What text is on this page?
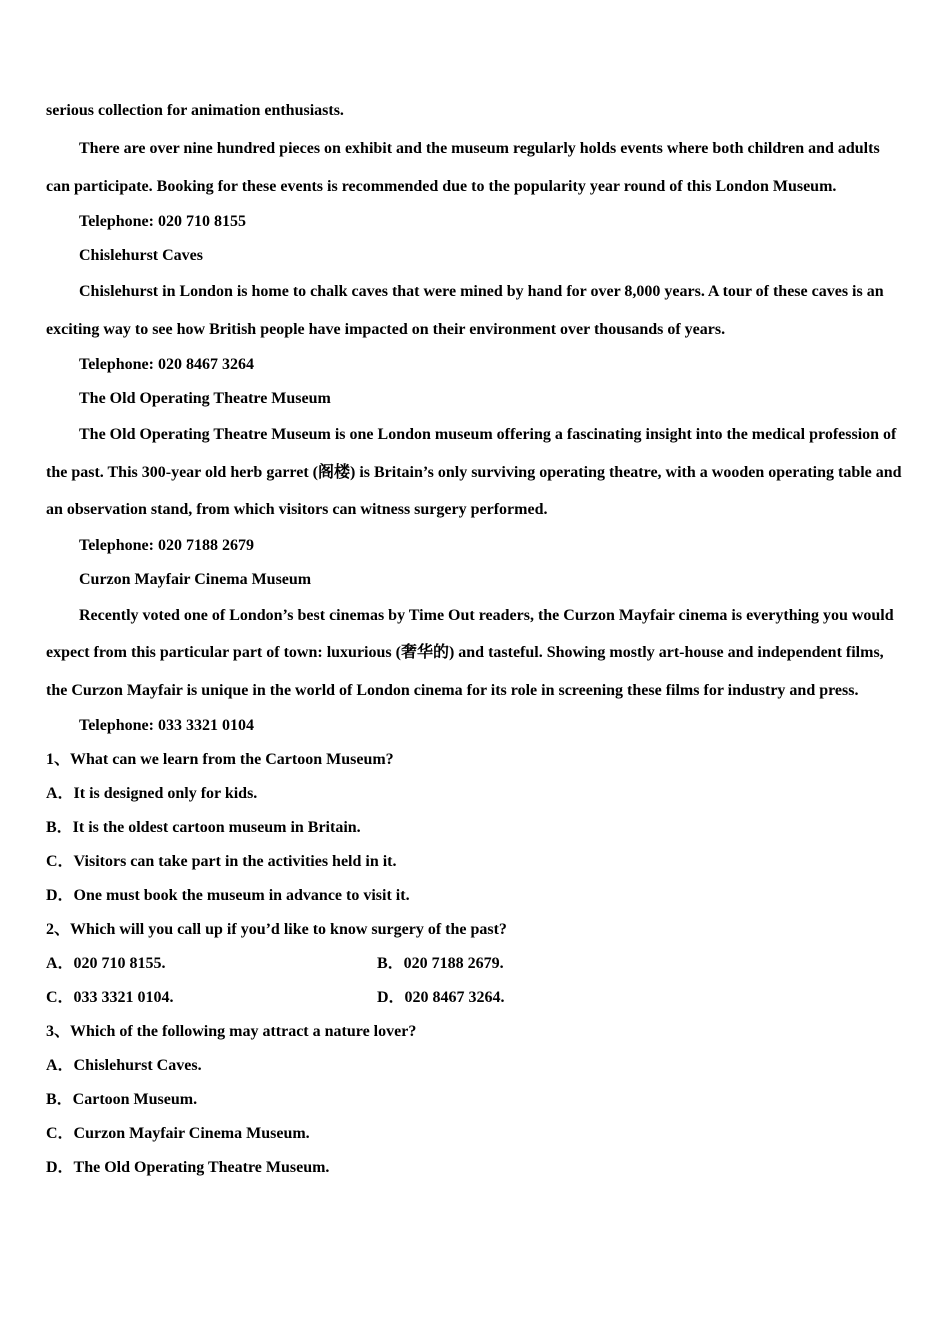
serious collection for animation enthusiasts.

There are over nine hundred pieces on exhibit and the museum regularly holds events where both children and adults can participate. Booking for these events is recommended due to the popularity year round of this London Museum.

Telephone: 020 710 8155
Chislehurst Caves

Chislehurst in London is home to chalk caves that were mined by hand for over 8,000 years. A tour of these caves is an exciting way to see how British people have impacted on their environment over thousands of years.

Telephone: 020 8467 3264
The Old Operating Theatre Museum

The Old Operating Theatre Museum is one London museum offering a fascinating insight into the medical profession of the past. This 300-year old herb garret (阁楼) is Britain’s only surviving operating theatre, with a wooden operating table and an observation stand, from which visitors can witness surgery performed.

Telephone: 020 7188 2679
Curzon Mayfair Cinema Museum

Recently voted one of London’s best cinemas by Time Out readers, the Curzon Mayfair cinema is everything you would expect from this particular part of town: luxurious (奢华的) and tasteful. Showing mostly art-house and independent films, the Curzon Mayfair is unique in the world of London cinema for its role in screening these films for industry and press.

Telephone: 033 3321 0104
1、What can we learn from the Cartoon Museum?
A．It is designed only for kids.
B．It is the oldest cartoon museum in Britain.
C．Visitors can take part in the activities held in it.
D．One must book the museum in advance to visit it.
2、Which will you call up if you’d like to know surgery of the past?
A．020 710 8155.	B．020 7188 2679.
C．033 3321 0104.	D．020 8467 3264.
3、Which of the following may attract a nature lover?
A．Chislehurst Caves.
B．Cartoon Museum.
C．Curzon Mayfair Cinema Museum.
D．The Old Operating Theatre Museum.
